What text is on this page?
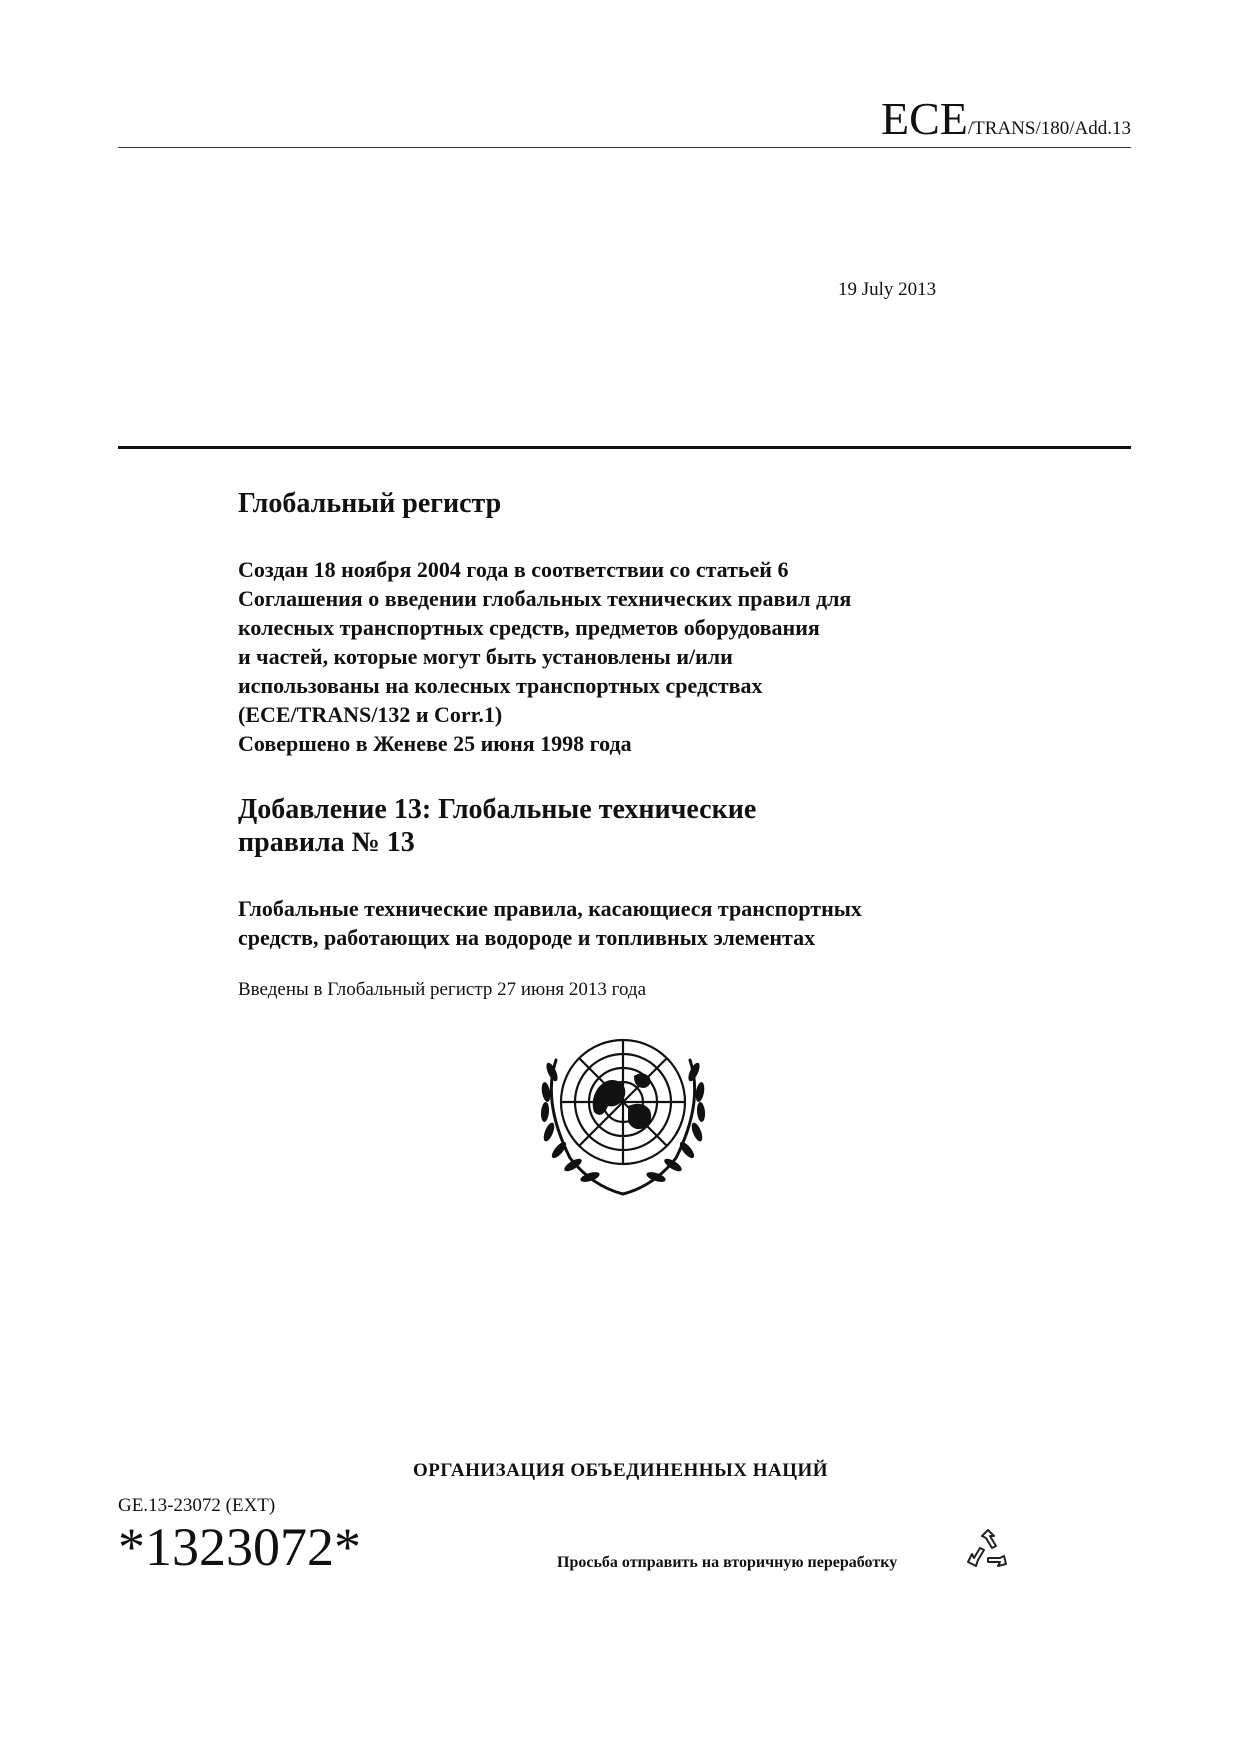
ECE/TRANS/180/Add.13
19 July 2013
Глобальный регистр
Создан 18 ноября 2004 года в соответствии со статьей 6
Соглашения о введении глобальных технических правил для
колесных транспортных средств, предметов оборудования
и частей, которые могут быть установлены и/или
использованы на колесных транспортных средствах
(ECE/TRANS/132 и Corr.1)
Совершено в Женеве 25 июня 1998 года
Добавление 13: Глобальные технические
правила № 13
Глобальные технические правила, касающиеся транспортных
средств, работающих на водороде и топливных элементах
Введены в Глобальный регистр 27 июня 2013 года
ОРГАНИЗАЦИЯ ОБЪЕДИНЕННЫХ НАЦИЙ
GE.13-23072 (EXT)
*1323072*	Просьба отправить на вторичную переработку
